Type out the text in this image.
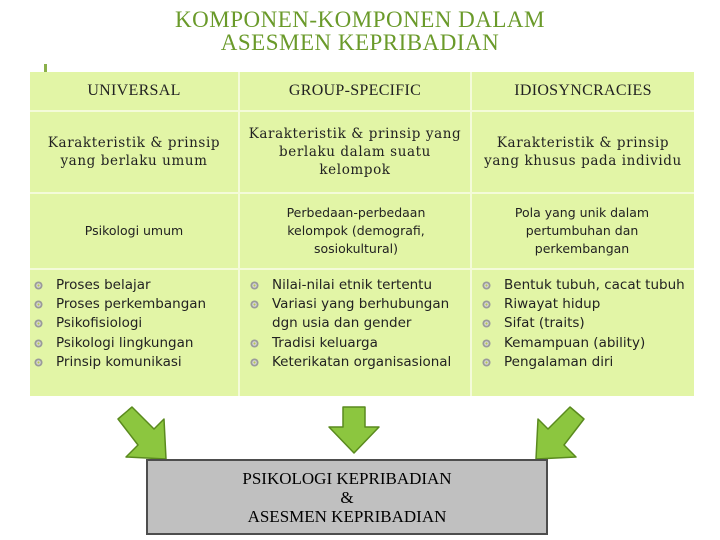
KOMPONEN-KOMPONEN DALAM
ASESMEN KEPRIBADIAN
UNIVERSAL	GROUP-SPECIFIC	IDIOSYNCRACIES
Karakteristik & prinsip yang berlaku umum
Karakteristik & prinsip yang berlaku dalam suatu kelompok
Karakteristik & prinsip yang khusus pada individu
Psikologi umum
Perbedaan-perbedaan kelompok (demografi, sosiokultural)
Pola yang unik dalam pertumbuhan dan perkembangan
Proses belajar
Proses perkembangan
Psikofisiologi
Psikologi lingkungan
Prinsip komunikasi
Nilai-nilai etnik tertentu
Variasi yang berhubungan dgn usia dan gender
Tradisi keluarga
Keterikatan organisasional
Bentuk tubuh, cacat tubuh
Riwayat hidup
Sifat (traits)
Kemampuan (ability)
Pengalaman diri
PSIKOLOGI KEPRIBADIAN
&
ASESMEN KEPRIBADIAN
